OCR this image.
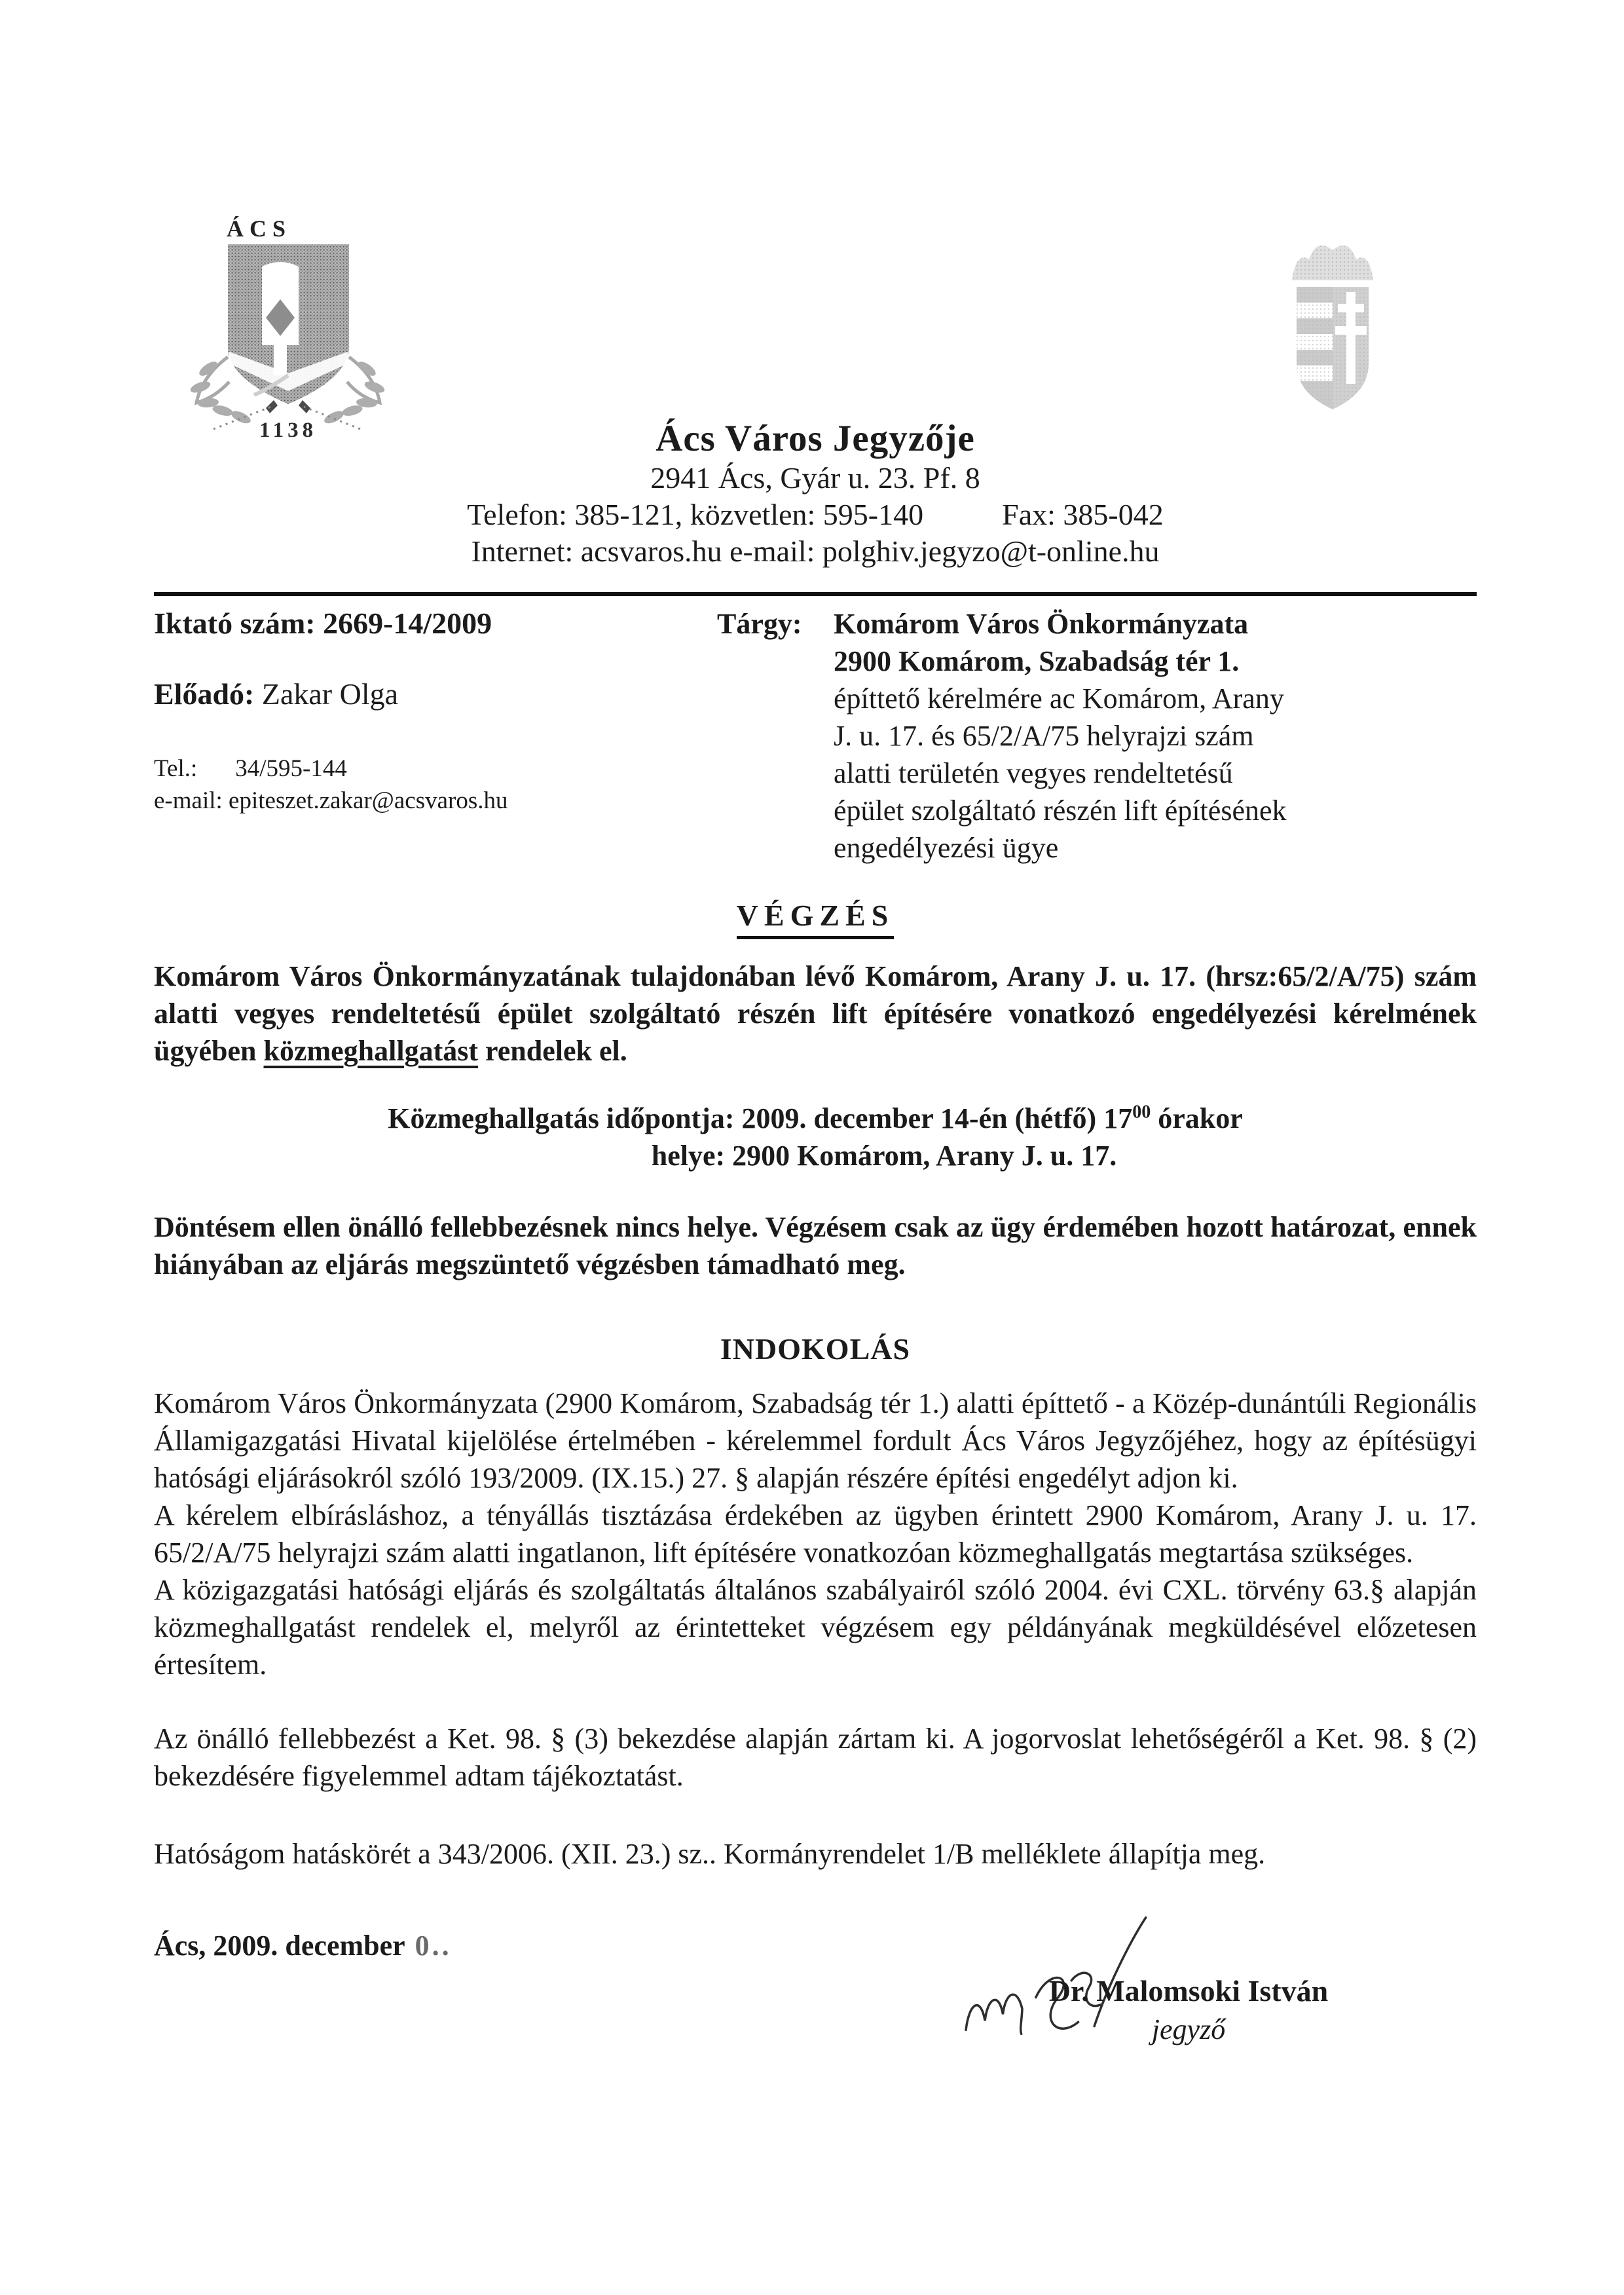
ÁCS
1138	Ács Város Jegyzője
2941 Ács, Gyár u. 23. Pf. 8
Telefon: 385-121, közvetlen: 595-140	Fax: 385-042
Internet: acsvaros.hu e-mail: polghiv.jegyzo@t-online.hu
Iktató szám: 2669-14/2009
Előadó: Zakar Olga
Tel.: 34/595-144
e-mail: epiteszet.zakar@acsvaros.hu
Tárgy:	Komárom Város Önkormányzata
2900 Komárom, Szabadság tér 1.
építtető kérelmére ac Komárom, Arany
J. u. 17. és 65/2/A/75 helyrajzi szám
alatti területén vegyes rendeltetésű
épület szolgáltató részén lift építésének
engedélyezési ügye
VÉGZÉS

Komárom Város Önkormányzatának tulajdonában lévő Komárom, Arany J. u. 17. (hrsz:65/2/A/75) szám alatti vegyes rendeltetésű épület szolgáltató részén lift építésére vonatkozó engedélyezési kérelmének ügyében közmeghallgatást rendelek el.

Közmeghallgatás időpontja: 2009. december 14-én (hétfő) $17^{00}$ órakor
helye: 2900 Komárom, Arany J. u. 17.

Döntésem ellen önálló fellebbezésnek nincs helye. Végzésem csak az ügy érdemében hozott határozat, ennek hiányában az eljárás megszüntető végzésben támadható meg.

INDOKOLÁS

Komárom Város Önkormányzata (2900 Komárom, Szabadság tér 1.) alatti építtető - a Közép-dunántúli Regionális Államigazgatási Hivatal kijelölése értelmében - kérelemmel fordult Ács Város Jegyzőjéhez, hogy az építésügyi hatósági eljárásokról szóló 193/2009. (IX.15.) 27. § alapján részére építési engedélyt adjon ki.

A kérelem elbírásláshoz, a tényállás tisztázása érdekében az ügyben érintett 2900 Komárom, Arany J. u. 17. 65/2/A/75 helyrajzi szám alatti ingatlanon, lift építésére vonatkozóan közmeghallgatás megtartása szükséges.

A közigazgatási hatósági eljárás és szolgáltatás általános szabályairól szóló 2004. évi CXL. törvény 63.§ alapján közmeghallgatást rendelek el, melyről az érintetteket végzésem egy példányának megküldésével előzetesen értesítem.

Az önálló fellebbezést a Ket. 98. § (3) bekezdése alapján zártam ki. A jogorvoslat lehetőségéről a Ket. 98. § (2) bekezdésére figyelemmel adtam tájékoztatást.

Hatóságom hatáskörét a 343/2006. (XII. 23.) sz.. Kormányrendelet 1/B melléklete állapítja meg.

Ács, 2009. december 0..
Dr. Malomsoki István
jegyző
